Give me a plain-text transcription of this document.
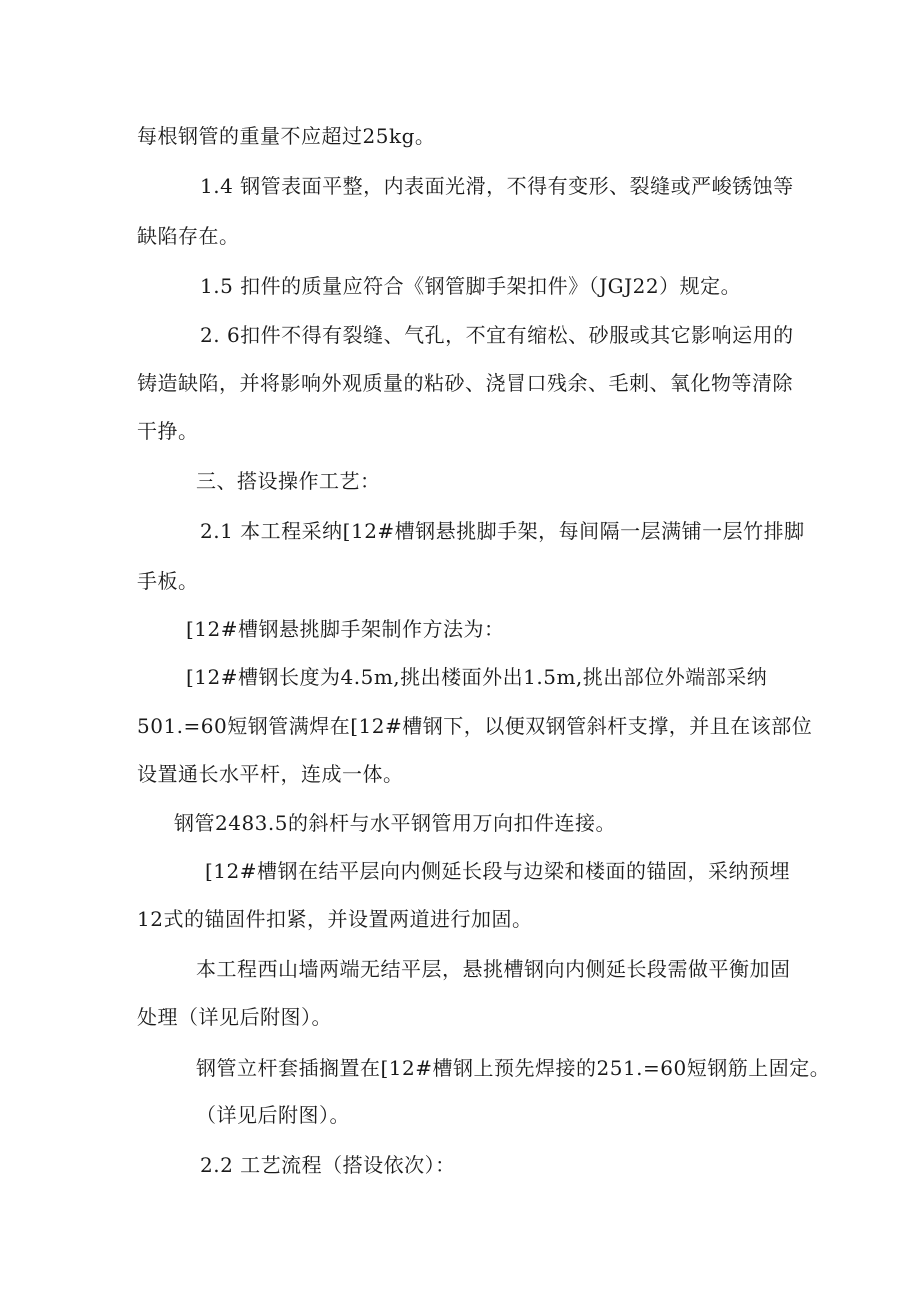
每根钢管的重量不应超过25kg。
1.4 钢管表面平整，内表面光滑，不得有变形、裂缝或严峻锈蚀等
缺陷存在。
1.5 扣件的质量应符合《钢管脚手架扣件》（JGJ22）规定。
2. 6扣件不得有裂缝、气孔，不宜有缩松、砂服或其它影响运用的
铸造缺陷，并将影响外观质量的粘砂、浇冒口残余、毛刺、氧化物等清除
干挣。
三、搭设操作工艺：
2.1 本工程采纳[12#槽钢悬挑脚手架，每间隔一层满铺一层竹排脚
手板。
[12#槽钢悬挑脚手架制作方法为：
[12#槽钢长度为4.5m,挑出楼面外出1.5m,挑出部位外端部采纳
501.=60短钢管满焊在[12#槽钢下，以便双钢管斜杆支撑，并且在该部位
设置通长水平杆，连成一体。
钢管2483.5的斜杆与水平钢管用万向扣件连接。
[12#槽钢在结平层向内侧延长段与边梁和楼面的锚固，采纳预埋
12式的锚固件扣紧，并设置两道进行加固。
本工程西山墙两端无结平层，悬挑槽钢向内侧延长段需做平衡加固
处理（详见后附图）。
钢管立杆套插搁置在[12#槽钢上预先焊接的251.=60短钢筋上固定。
（详见后附图）。
2.2 工艺流程（搭设依次）：
